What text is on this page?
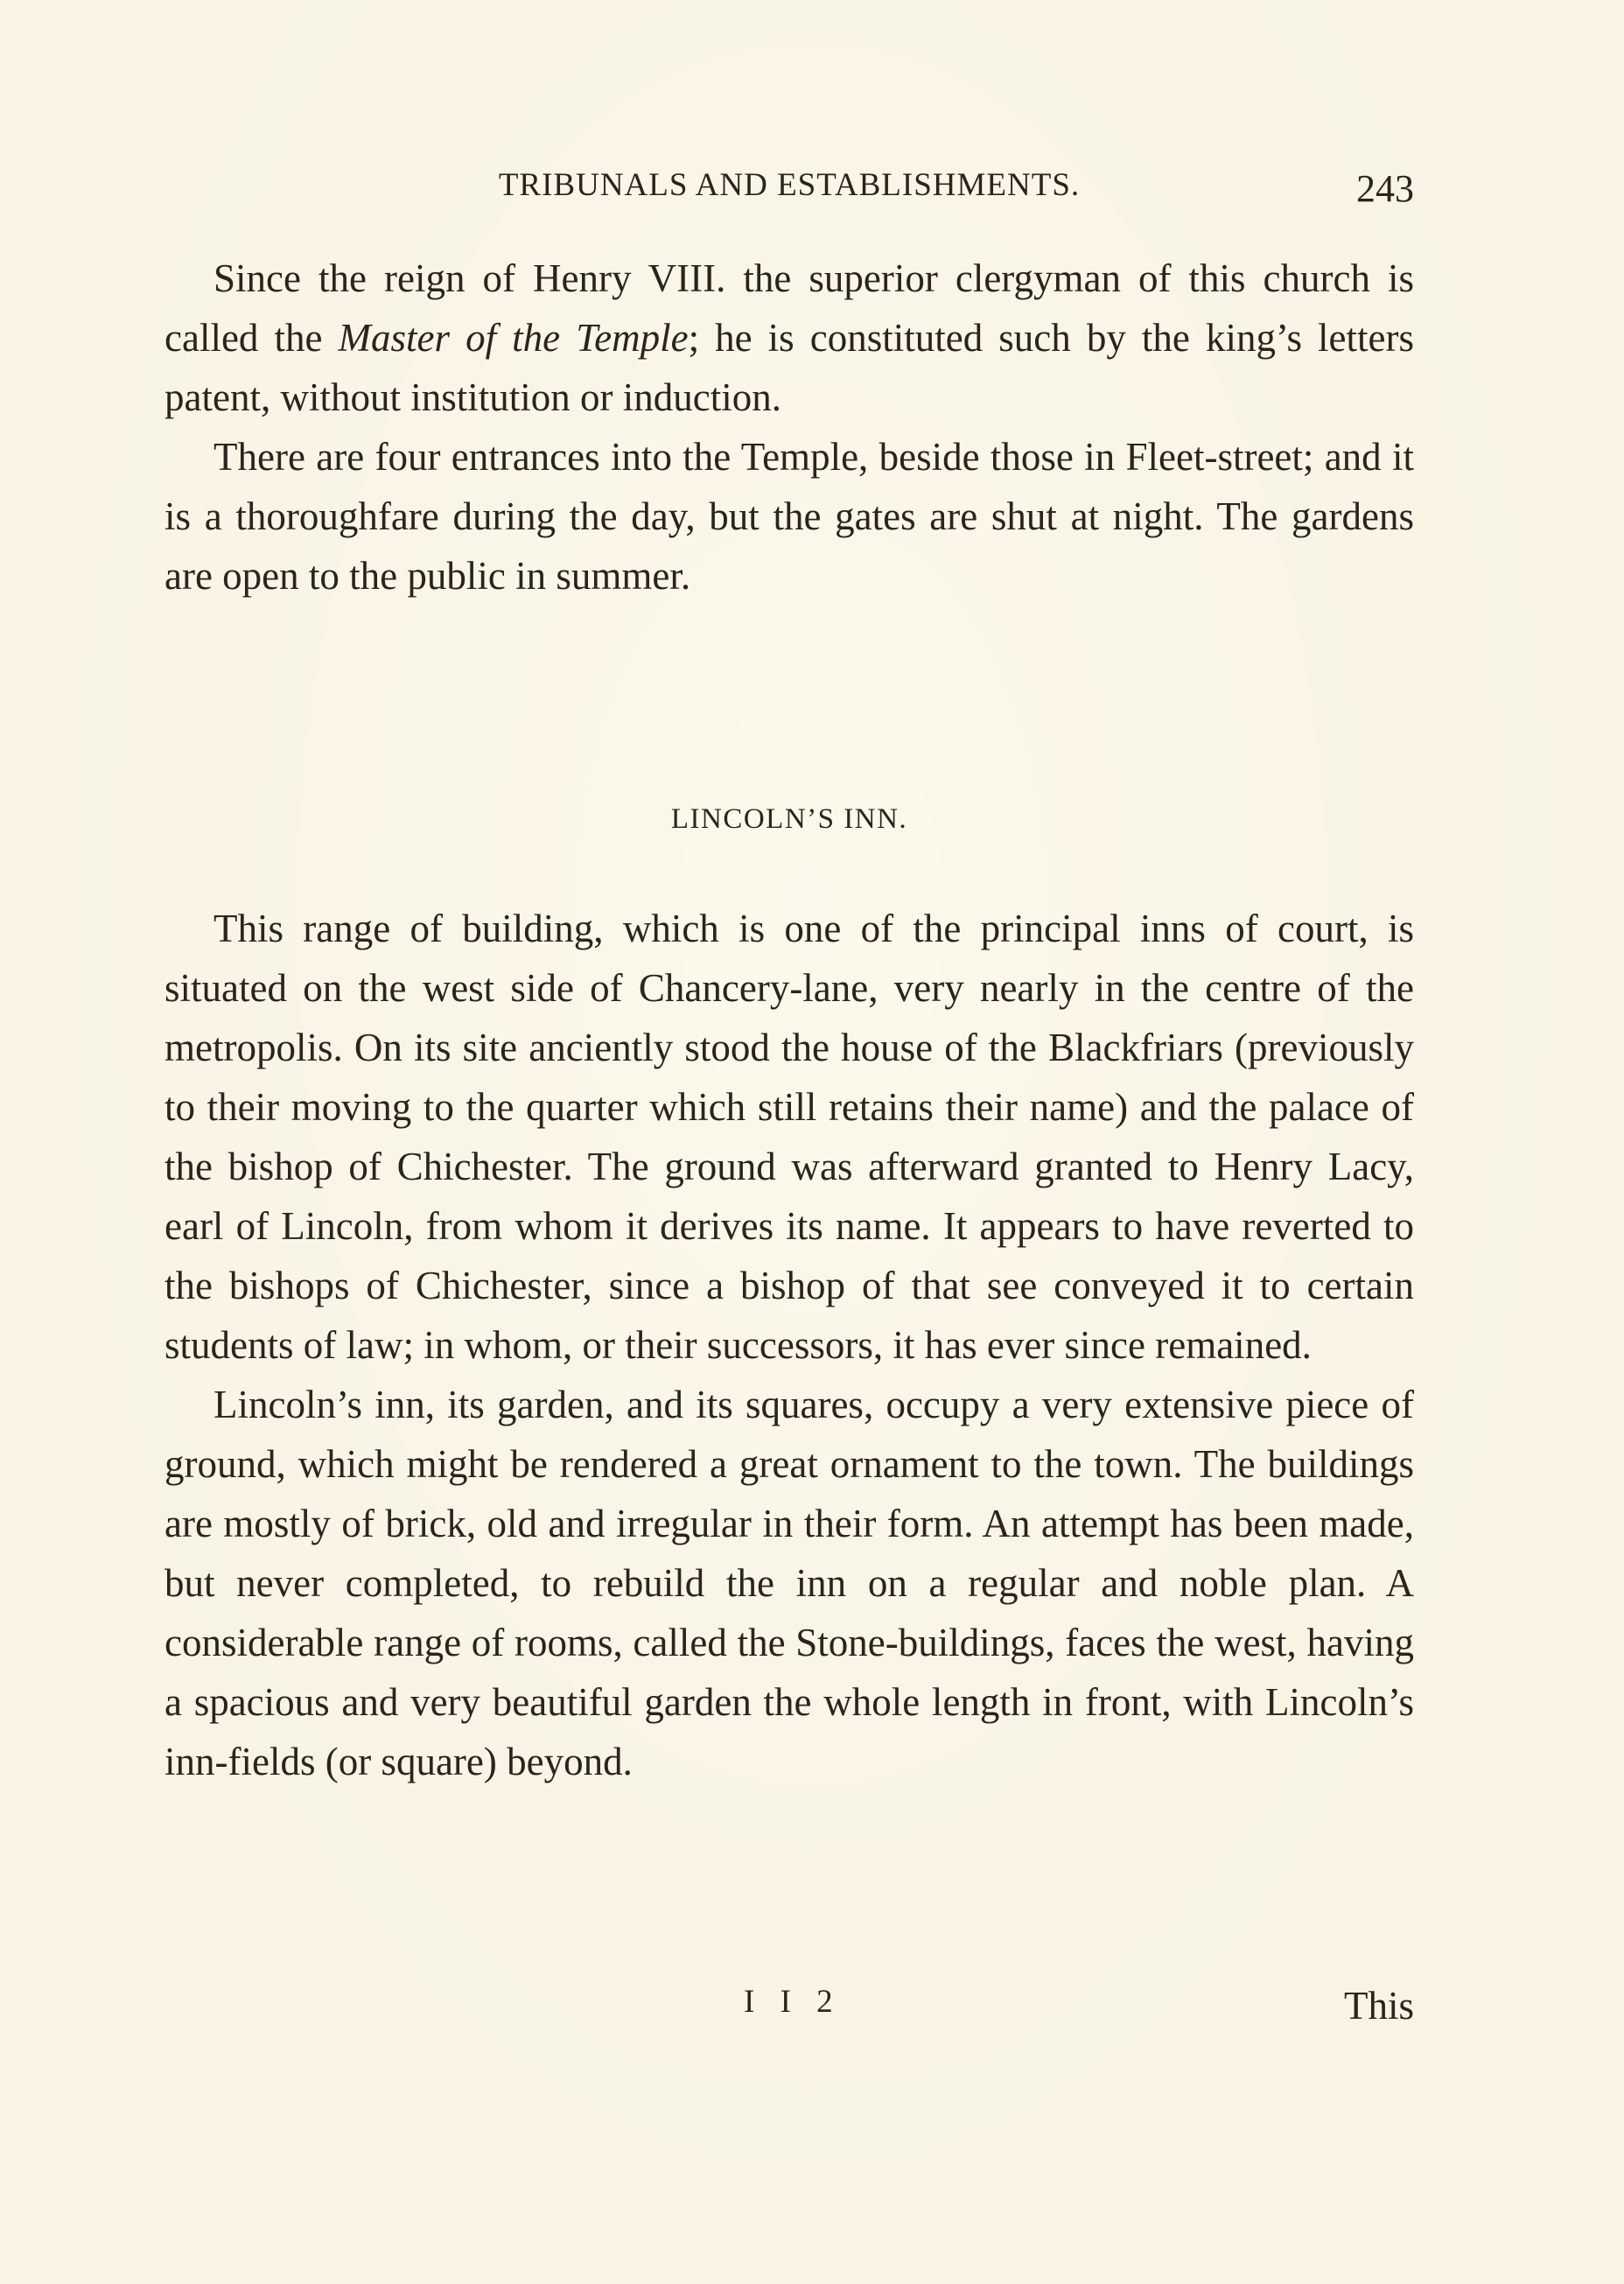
TRIBUNALS AND ESTABLISHMENTS.	243

Since the reign of Henry VIII. the superior clergyman of this church is called the Master of the Temple; he is constituted such by the king’s letters patent, without institution or induction.

There are four entrances into the Temple, beside those in Fleet-street; and it is a thoroughfare during the day, but the gates are shut at night. The gardens are open to the public in summer.

LINCOLN’S INN.

This range of building, which is one of the principal inns of court, is situated on the west side of Chancery-lane, very nearly in the centre of the metropolis. On its site anciently stood the house of the Blackfriars (previously to their moving to the quarter which still retains their name) and the palace of the bishop of Chichester. The ground was afterward granted to Henry Lacy, earl of Lincoln, from whom it derives its name. It appears to have reverted to the bishops of Chichester, since a bishop of that see conveyed it to certain students of law; in whom, or their successors, it has ever since remained.

Lincoln’s inn, its garden, and its squares, occupy a very extensive piece of ground, which might be rendered a great ornament to the town. The buildings are mostly of brick, old and irregular in their form. An attempt has been made, but never completed, to rebuild the inn on a regular and noble plan. A considerable range of rooms, called the Stone-buildings, faces the west, having a spacious and very beautiful garden the whole length in front, with Lincoln’s inn-fields (or square) beyond.

I I 2	This
